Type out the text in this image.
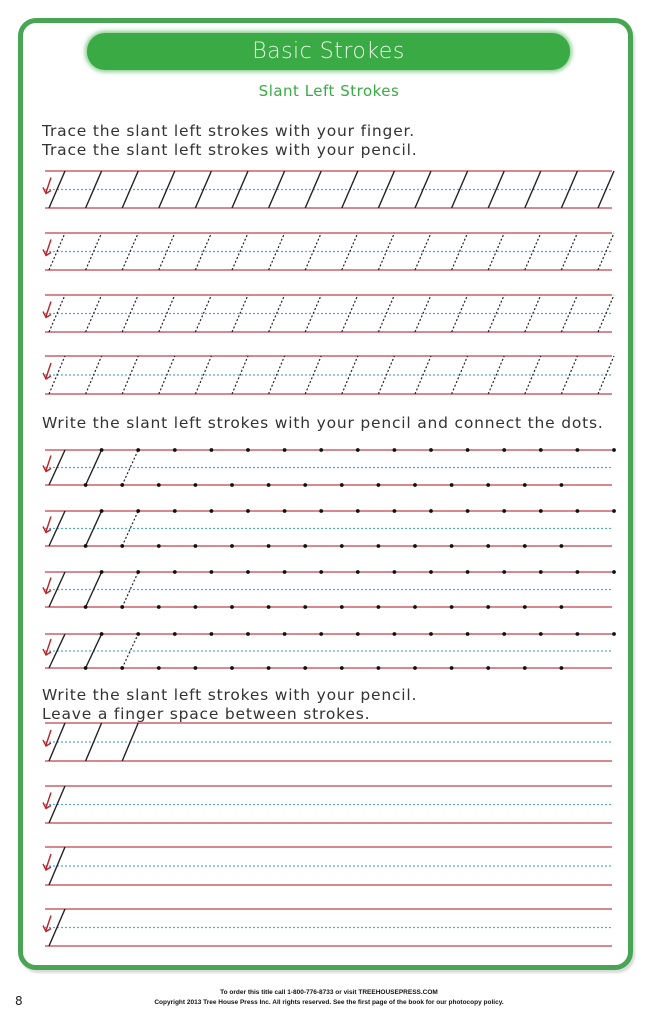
Basic Strokes
Slant Left Strokes
Trace the slant left strokes with your finger.
Trace the slant left strokes with your pencil.
Write the slant left strokes with your pencil and connect the dots.
Write the slant left strokes with your pencil.
Leave a finger space between strokes.
8
To order this title call 1-800-776-8733 or visit TREEHOUSEPRESS.COM
Copyright 2013 Tree House Press Inc. All rights reserved. See the first page of the book for our photocopy policy.
